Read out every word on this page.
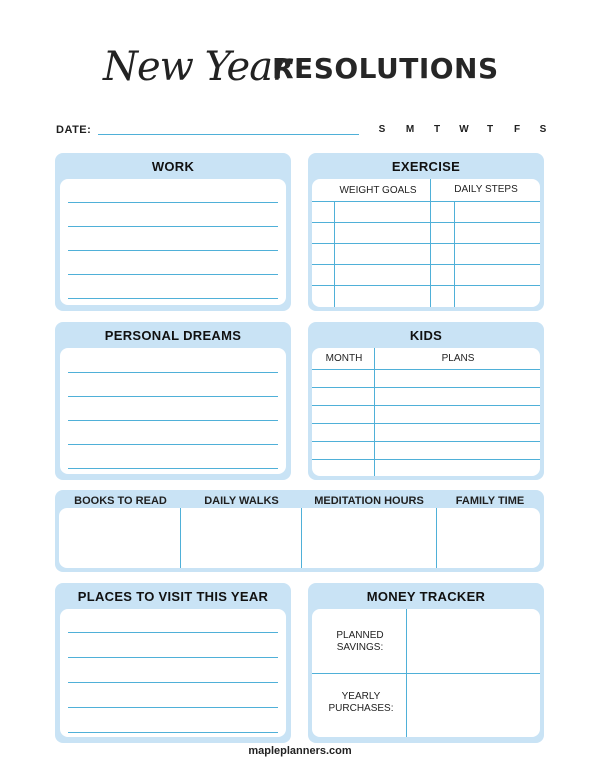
New Year
RESOLUTIONS
DATE:	S M T W T F S
WORK	EXERCISE
WEIGHT GOALS	DAILY STEPS
PERSONAL DREAMS	KIDS
MONTH	PLANS
BOOKS TO READ	DAILY WALKS	MEDITATION HOURS	FAMILY TIME
PLACES TO VISIT THIS YEAR	MONEY TRACKER
PLANNED SAVINGS:
YEARLY PURCHASES:
mapleplanners.com
